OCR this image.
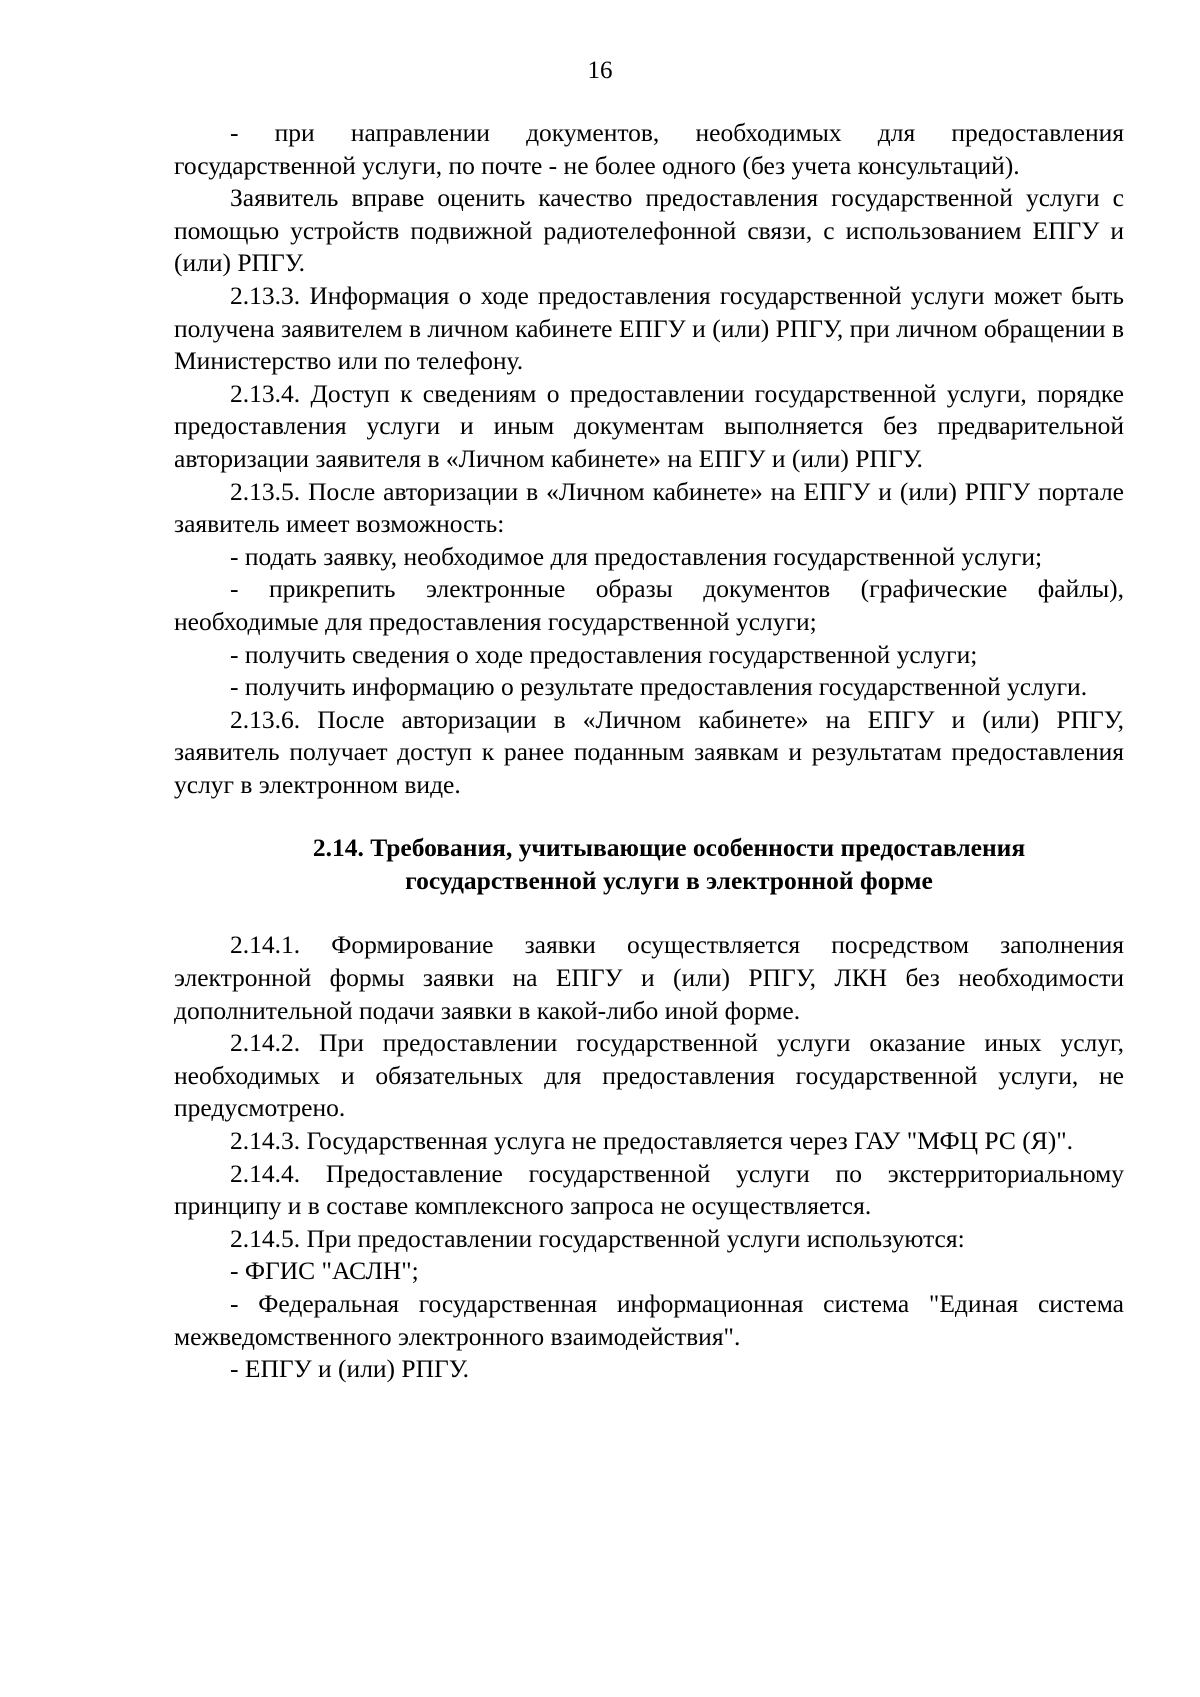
16

- при направлении документов, необходимых для предоставления государственной услуги, по почте - не более одного (без учета консультаций).

Заявитель вправе оценить качество предоставления государственной услуги с помощью устройств подвижной радиотелефонной связи, с использованием ЕПГУ и (или) РПГУ.

2.13.3. Информация о ходе предоставления государственной услуги может быть получена заявителем в личном кабинете ЕПГУ и (или) РПГУ, при личном обращении в Министерство или по телефону.

2.13.4. Доступ к сведениям о предоставлении государственной услуги, порядке предоставления услуги и иным документам выполняется без предварительной авторизации заявителя в «Личном кабинете» на ЕПГУ и (или) РПГУ.

2.13.5. После авторизации в «Личном кабинете» на ЕПГУ и (или) РПГУ портале заявитель имеет возможность:

- подать заявку, необходимое для предоставления государственной услуги;

- прикрепить электронные образы документов (графические файлы), необходимые для предоставления государственной услуги;

- получить сведения о ходе предоставления государственной услуги;

- получить информацию о результате предоставления государственной услуги.

2.13.6. После авторизации в «Личном кабинете» на ЕПГУ и (или) РПГУ, заявитель получает доступ к ранее поданным заявкам и результатам предоставления услуг в электронном виде.

2.14. Требования, учитывающие особенности предоставления
государственной услуги в электронной форме

2.14.1. Формирование заявки осуществляется посредством заполнения электронной формы заявки на ЕПГУ и (или) РПГУ, ЛКН без необходимости дополнительной подачи заявки в какой-либо иной форме.

2.14.2. При предоставлении государственной услуги оказание иных услуг, необходимых и обязательных для предоставления государственной услуги, не предусмотрено.

2.14.3. Государственная услуга не предоставляется через ГАУ "МФЦ РС (Я)".

2.14.4. Предоставление государственной услуги по экстерриториальному принципу и в составе комплексного запроса не осуществляется.

2.14.5. При предоставлении государственной услуги используются:

- ФГИС "АСЛН";

- Федеральная государственная информационная система "Единая система межведомственного электронного взаимодействия".

- ЕПГУ и (или) РПГУ.
